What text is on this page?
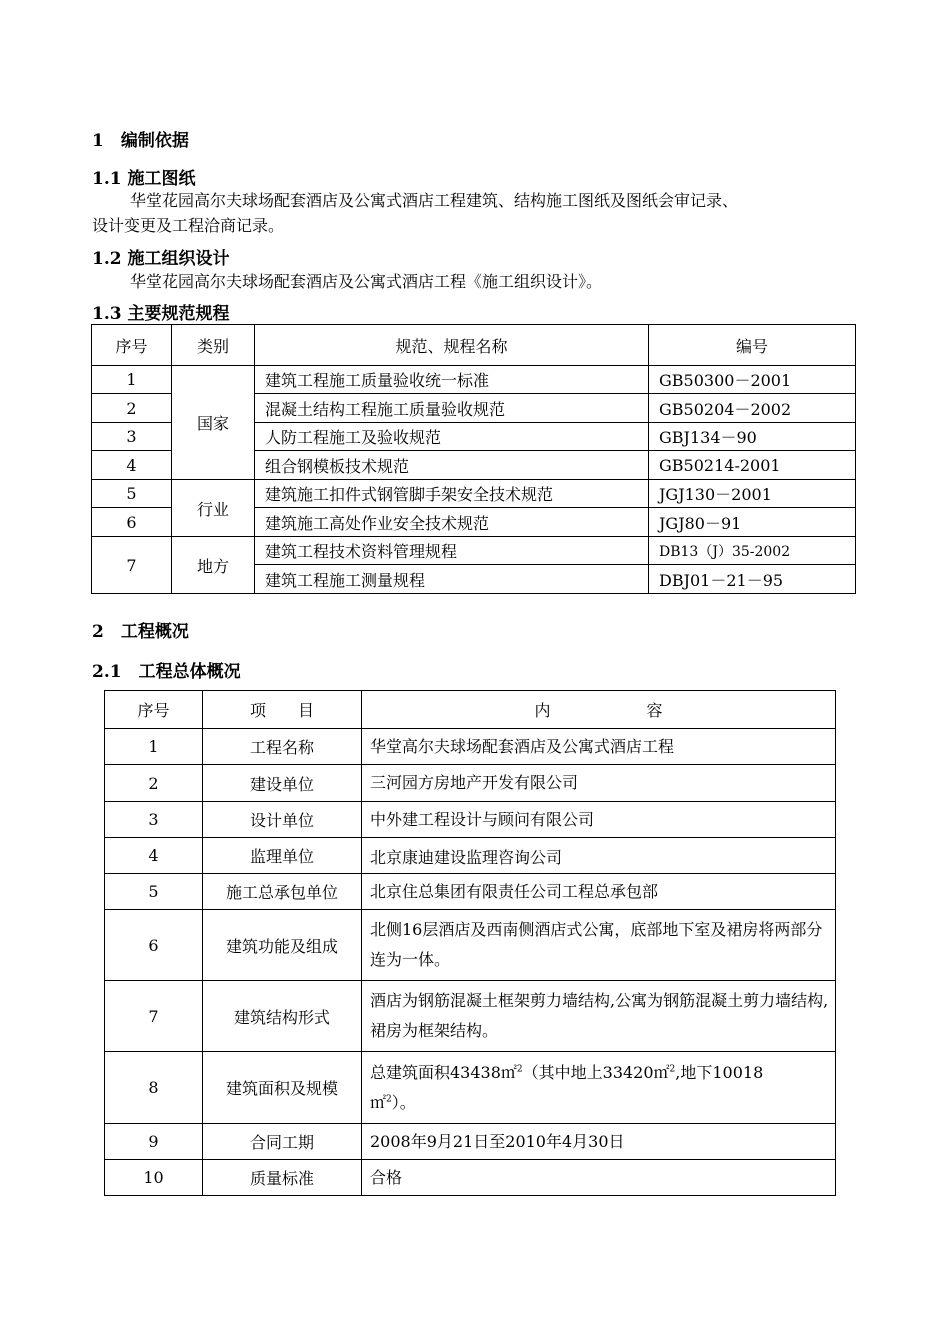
1　编制依据
1.1 施工图纸
华堂花园高尔夫球场配套酒店及公寓式酒店工程建筑、结构施工图纸及图纸会审记录、
设计变更及工程洽商记录。
1.2 施工组织设计
华堂花园高尔夫球场配套酒店及公寓式酒店工程《施工组织设计》。
1.3 主要规范规程
序号	类别	规范、规程名称	编号
1	国家	建筑工程施工质量验收统一标准	GB50300－2001
2		混凝土结构工程施工质量验收规范	GB50204－2002
3		人防工程施工及验收规范	GBJ134－90
4		组合钢模板技术规范	GB50214-2001
5	行业	建筑施工扣件式钢管脚手架安全技术规范	JGJ130－2001
6		建筑施工高处作业安全技术规范	JGJ80－91
7	地方	建筑工程技术资料管理规程	DB13（J）35-2002
		建筑工程施工测量规程	DBJ01－21－95
2　工程概况
2.1　工程总体概况
序号	项　　目	内　　　　　　容
1	工程名称	华堂高尔夫球场配套酒店及公寓式酒店工程
2	建设单位	三河园方房地产开发有限公司
3	设计单位	中外建工程设计与顾问有限公司
4	监理单位	北京康迪建设监理咨询公司
5	施工总承包单位	北京住总集团有限责任公司工程总承包部
6	建筑功能及组成	北侧16层酒店及西南侧酒店式公寓，底部地下室及裙房将两部分连为一体。
7	建筑结构形式	酒店为钢筋混凝土框架剪力墙结构,公寓为钢筋混凝土剪力墙结构,裙房为框架结构。
8	建筑面积及规模	总建筑面积43438㎡$^2$（其中地上33420㎡$^2$,地下10018㎡$^2$）。
9	合同工期	2008年9月21日至2010年4月30日
10	质量标准	合格
